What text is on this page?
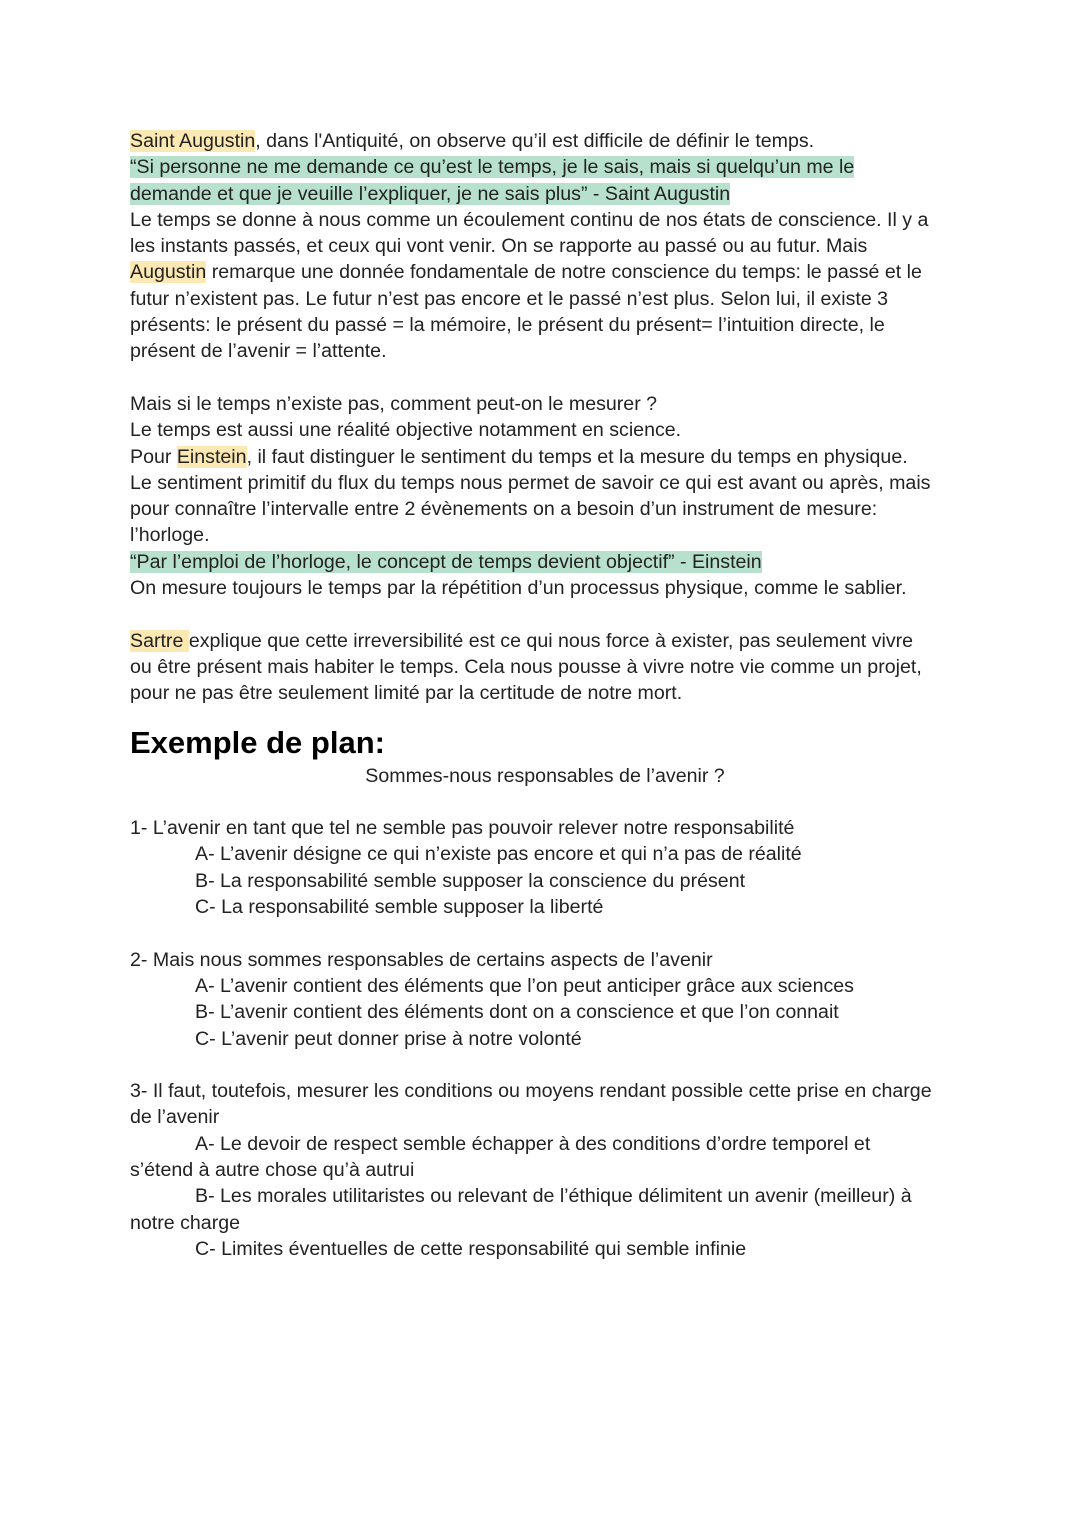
Saint Augustin, dans l'Antiquité, on observe qu’il est difficile de définir le temps.

“Si personne ne me demande ce qu’est le temps, je le sais, mais si quelqu’un me le

demande et que je veuille l’expliquer, je ne sais plus” - Saint Augustin

Le temps se donne à nous comme un écoulement continu de nos états de conscience. Il y a

les instants passés, et ceux qui vont venir. On se rapporte au passé ou au futur. Mais

Augustin remarque une donnée fondamentale de notre conscience du temps: le passé et le

futur n’existent pas. Le futur n’est pas encore et le passé n’est plus. Selon lui, il existe 3

présents: le présent du passé = la mémoire, le présent du présent= l’intuition directe, le

présent de l’avenir = l’attente.

Mais si le temps n’existe pas, comment peut-on le mesurer ?

Le temps est aussi une réalité objective notamment en science.

Pour Einstein, il faut distinguer le sentiment du temps et la mesure du temps en physique.

Le sentiment primitif du flux du temps nous permet de savoir ce qui est avant ou après, mais

pour connaître l’intervalle entre 2 évènements on a besoin d’un instrument de mesure:

l’horloge.

“Par l’emploi de l’horloge, le concept de temps devient objectif” - Einstein

On mesure toujours le temps par la répétition d’un processus physique, comme le sablier.

Sartre explique que cette irreversibilité est ce qui nous force à exister, pas seulement vivre

ou être présent mais habiter le temps. Cela nous pousse à vivre notre vie comme un projet,

pour ne pas être seulement limité par la certitude de notre mort.

Exemple de plan:

Sommes-nous responsables de l’avenir ?

1- L’avenir en tant que tel ne semble pas pouvoir relever notre responsabilité

A- L’avenir désigne ce qui n’existe pas encore et qui n’a pas de réalité

B- La responsabilité semble supposer la conscience du présent

C- La responsabilité semble supposer la liberté

2- Mais nous sommes responsables de certains aspects de l’avenir

A- L’avenir contient des éléments que l’on peut anticiper grâce aux sciences

B- L’avenir contient des éléments dont on a conscience et que l’on connait

C- L’avenir peut donner prise à notre volonté

3- Il faut, toutefois, mesurer les conditions ou moyens rendant possible cette prise en charge

de l’avenir

A- Le devoir de respect semble échapper à des conditions d’ordre temporel et

s’étend à autre chose qu’à autrui

B- Les morales utilitaristes ou relevant de l’éthique délimitent un avenir (meilleur) à

notre charge

C- Limites éventuelles de cette responsabilité qui semble infinie
